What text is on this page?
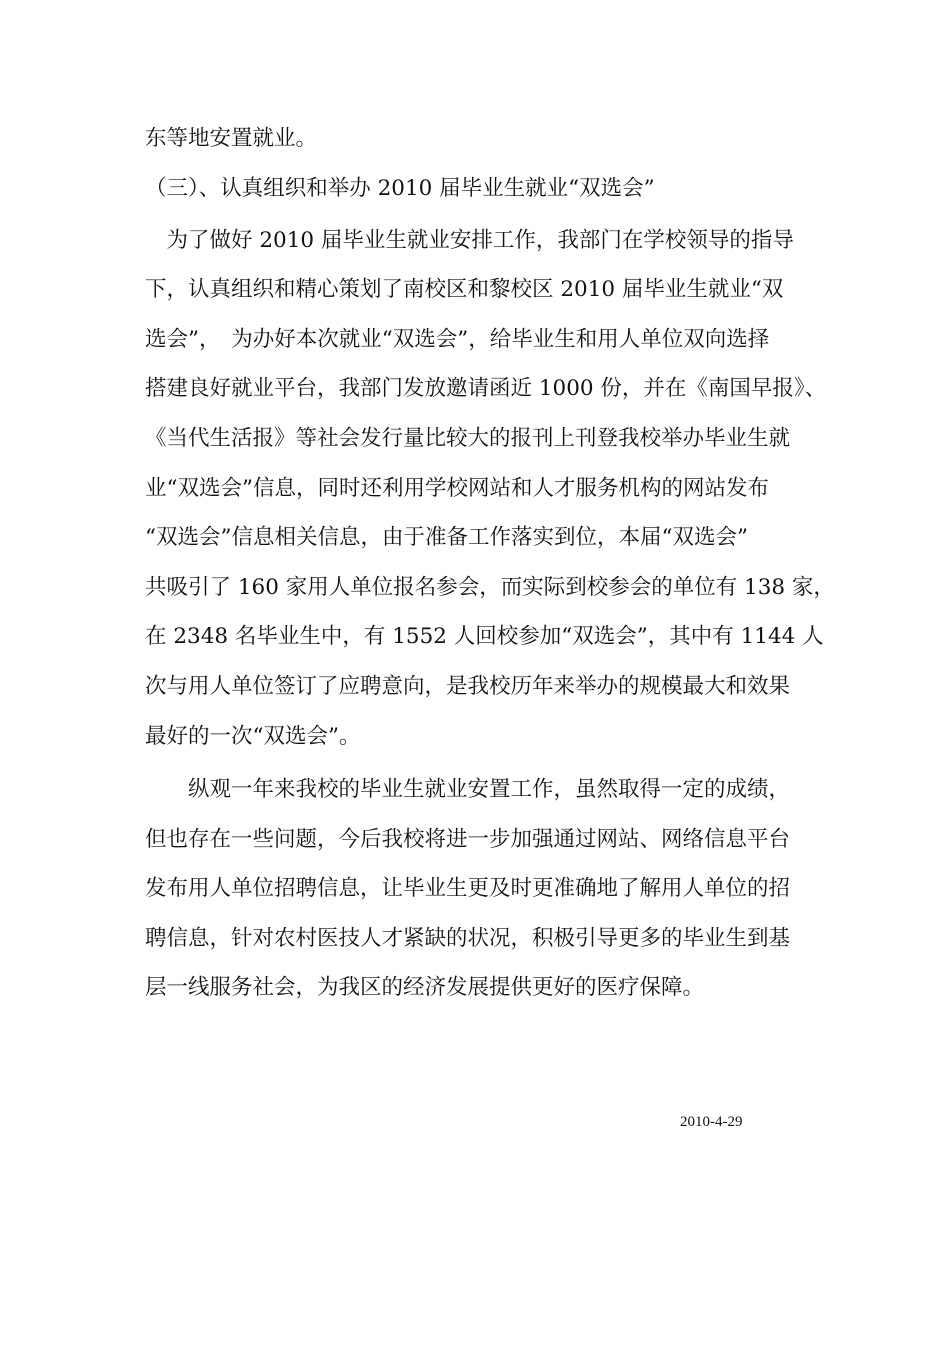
东等地安置就业。
（三）、认真组织和举办 2010 届毕业生就业“双选会”
　为了做好 2010 届毕业生就业安排工作，我部门在学校领导的指导
下，认真组织和精心策划了南校区和黎校区 2010 届毕业生就业“双
选会”，　为办好本次就业“双选会”，给毕业生和用人单位双向选择
搭建良好就业平台，我部门发放邀请函近 1000 份，并在《南国早报》、
《当代生活报》等社会发行量比较大的报刊上刊登我校举办毕业生就
业“双选会”信息，同时还利用学校网站和人才服务机构的网站发布
“双选会”信息相关信息，由于准备工作落实到位，本届“双选会”
共吸引了 160 家用人单位报名参会，而实际到校参会的单位有 138 家，
在 2348 名毕业生中，有 1552 人回校参加“双选会”，其中有 1144 人
次与用人单位签订了应聘意向，是我校历年来举办的规模最大和效果
最好的一次“双选会”。
　　纵观一年来我校的毕业生就业安置工作，虽然取得一定的成绩，
但也存在一些问题，今后我校将进一步加强通过网站、网络信息平台
发布用人单位招聘信息，让毕业生更及时更准确地了解用人单位的招
聘信息，针对农村医技人才紧缺的状况，积极引导更多的毕业生到基
层一线服务社会，为我区的经济发展提供更好的医疗保障。
2010-4-29
